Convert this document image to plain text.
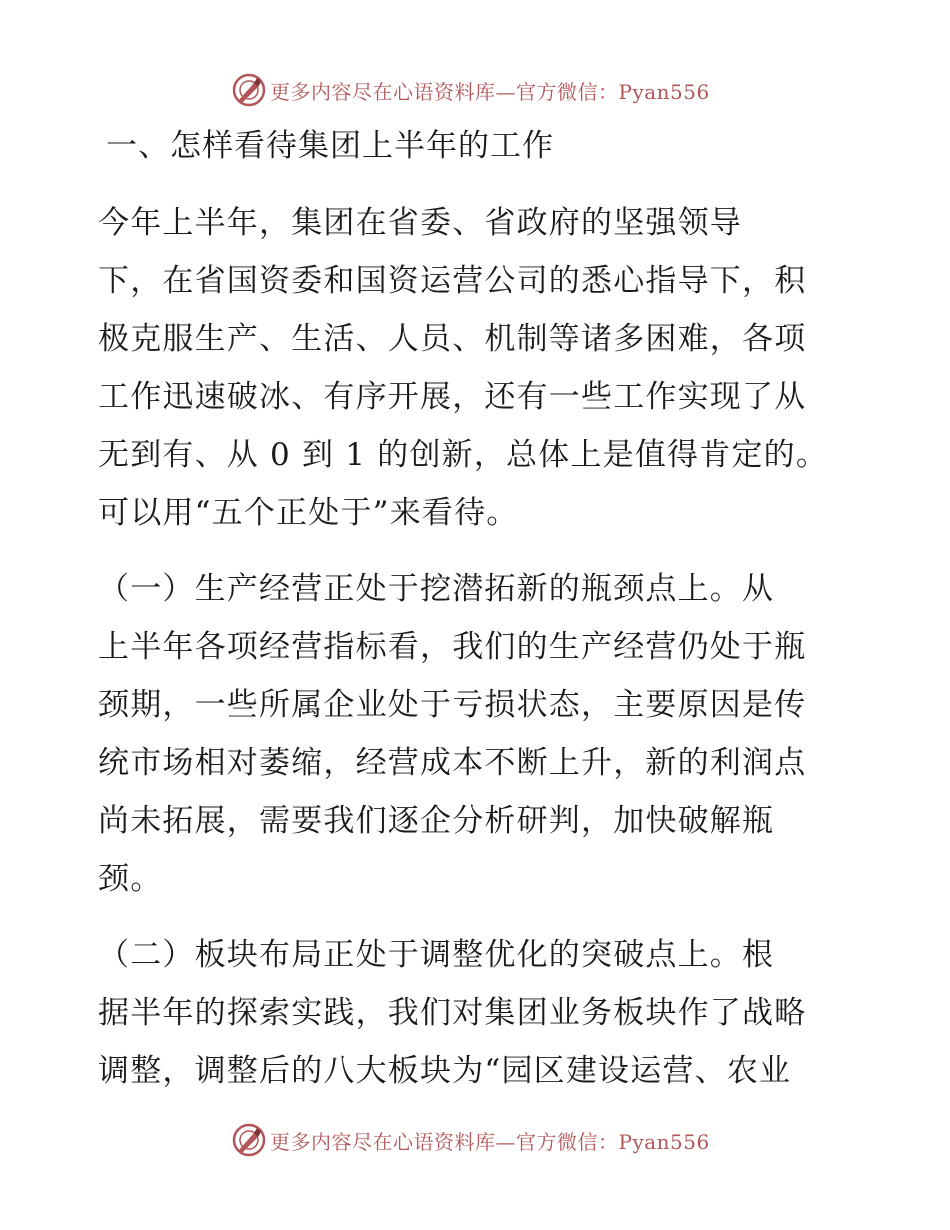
更多内容尽在心语资料库—官方微信：Pyan556
一、怎样看待集团上半年的工作
今年上半年，集团在省委、省政府的坚强领导
下，在省国资委和国资运营公司的悉心指导下，积
极克服生产、生活、人员、机制等诸多困难，各项
工作迅速破冰、有序开展，还有一些工作实现了从
无到有、从 0 到 1 的创新，总体上是值得肯定的。
可以用“五个正处于”来看待。
（一）生产经营正处于挖潜拓新的瓶颈点上。从
上半年各项经营指标看，我们的生产经营仍处于瓶
颈期，一些所属企业处于亏损状态，主要原因是传
统市场相对萎缩，经营成本不断上升，新的利润点
尚未拓展，需要我们逐企分析研判，加快破解瓶
颈。
（二）板块布局正处于调整优化的突破点上。根
据半年的探索实践，我们对集团业务板块作了战略
调整，调整后的八大板块为“园区建设运营、农业
更多内容尽在心语资料库—官方微信：Pyan556
